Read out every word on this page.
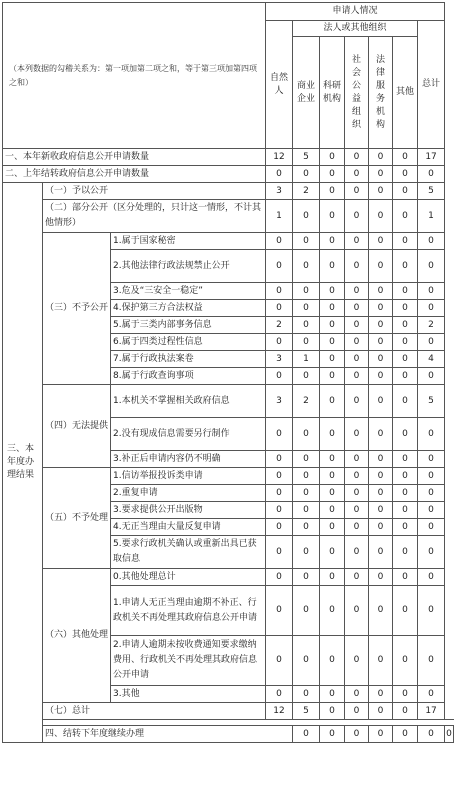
（本列数据的勾稽关系为：第一项加第二项之和，等于第三项加第四项之和）			申请人情况							
			自然人	法人或其他组织					总计	
				商业企业	科研机构	社会公益组织	法律服务机构	其他		

一、本年新收政府信息公开申请数量			12	5	0	0	0	0	17	
二、上年结转政府信息公开申请数量			0	0	0	0	0	0	0	
三、本年度办理结果	（一）予以公开		3	2	0	0	0	0	5	
	（二）部分公开（区分处理的，只计这一情形，不计其他情形）		1	0	0	0	0	0	1	
	（三）不予公开	1.属于国家秘密	0	0	0	0	0	0	0	
		2.其他法律行政法规禁止公开	0	0	0	0	0	0	0	
		3.危及“三安全一稳定”	0	0	0	0	0	0	0	
		4.保护第三方合法权益	0	0	0	0	0	0	0	
		5.属于三类内部事务信息	2	0	0	0	0	0	2	
		6.属于四类过程性信息	0	0	0	0	0	0	0	
		7.属于行政执法案卷	3	1	0	0	0	0	4	
		8.属于行政查询事项	0	0	0	0	0	0	0	
	（四）无法提供	1.本机关不掌握相关政府信息	3	2	0	0	0	0	5	
		2.没有现成信息需要另行制作	0	0	0	0	0	0	0	
		3.补正后申请内容仍不明确	0	0	0	0	0	0	0	
	（五）不予处理	1.信访举报投诉类申请	0	0	0	0	0	0	0	
		2.重复申请	0	0	0	0	0	0	0	
		3.要求提供公开出版物	0	0	0	0	0	0	0	
		4.无正当理由大量反复申请	0	0	0	0	0	0	0	
		5.要求行政机关确认或重新出具已获取信息	0	0	0	0	0	0	0	
	（六）其他处理	0.其他处理总计	0	0	0	0	0	0	0	
		1.申请人无正当理由逾期不补正、行政机关不再处理其政府信息公开申请	0	0	0	0	0	0	0	
		2.申请人逾期未按收费通知要求缴纳费用、行政机关不再处理其政府信息公开申请	0	0	0	0	0	0	0	
		3.其他	0	0	0	0	0	0	0	
	（七）总计		12	5	0	0	0	0	17	

	四、结转下年度继续办理			0	0	0	0	0	0	0
